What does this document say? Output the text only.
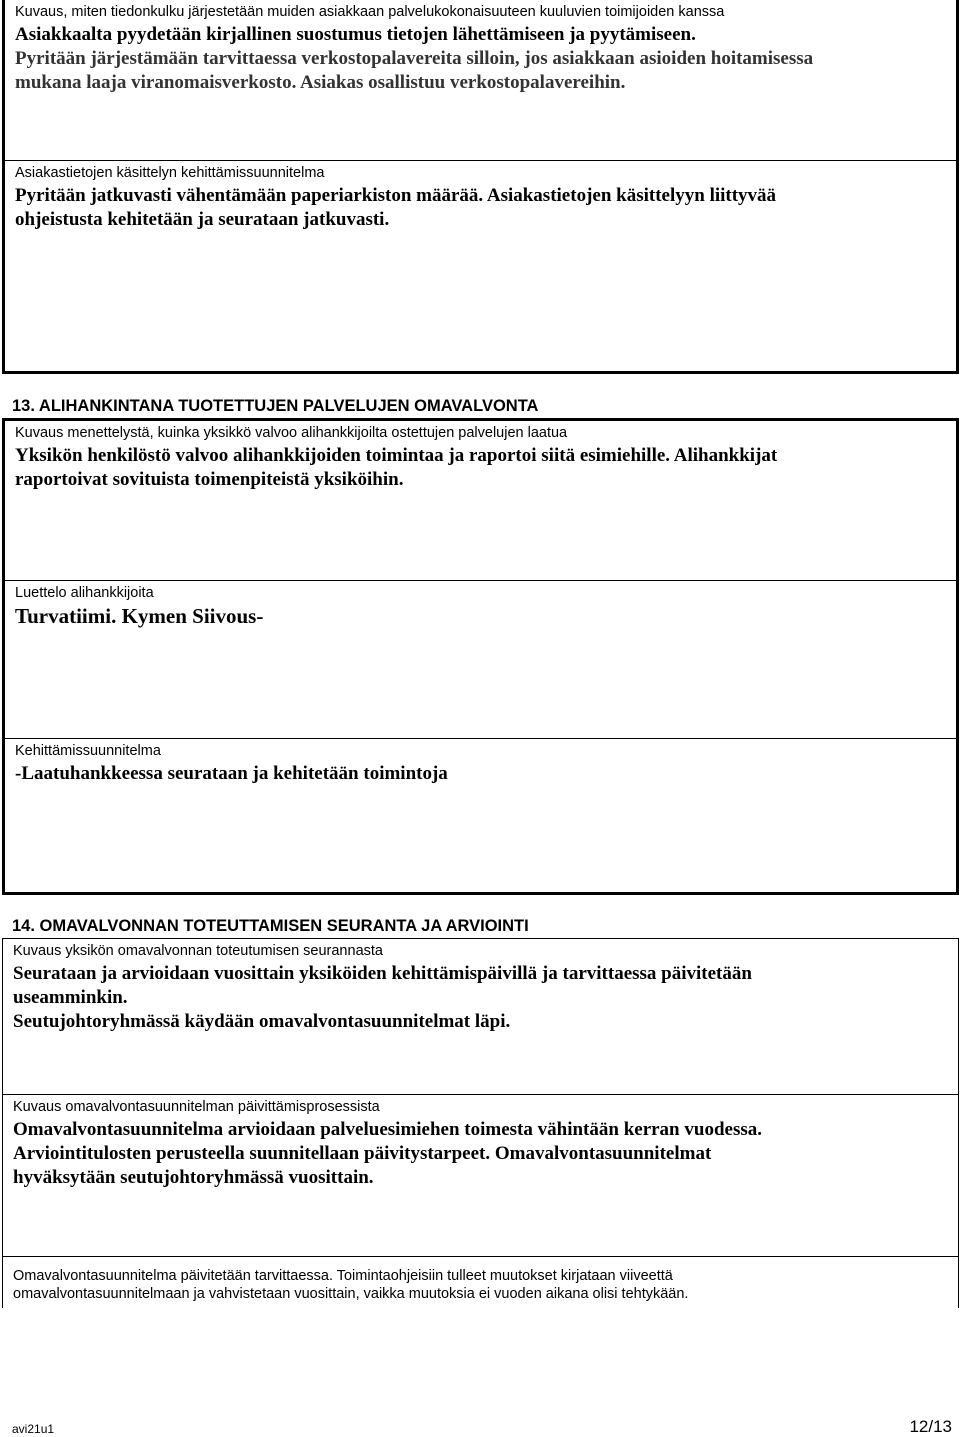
Kuvaus, miten tiedonkulku järjestetään muiden asiakkaan palvelukokonaisuuteen kuuluvien toimijoiden kanssa

Asiakkaalta pyydetään kirjallinen suostumus tietojen lähettämiseen ja pyytämiseen.
Pyritään järjestämään tarvittaessa verkostopalavereita silloin, jos asiakkaan asioiden hoitamisessa
mukana laaja viranomaisverkosto. Asiakas osallistuu verkostopalavereihin.

Asiakastietojen käsittelyn kehittämissuunnitelma

Pyritään jatkuvasti vähentämään paperiarkiston määrää. Asiakastietojen käsittelyyn liittyvää
ohjeistusta kehitetään ja seurataan jatkuvasti.

13. ALIHANKINTANA TUOTETTUJEN PALVELUJEN OMAVALVONTA

Kuvaus menettelystä, kuinka yksikkö valvoo alihankkijoilta ostettujen palvelujen laatua

Yksikön henkilöstö valvoo alihankkijoiden toimintaa ja raportoi siitä esimiehille. Alihankkijat
raportoivat sovituista toimenpiteistä yksiköihin.

Luettelo alihankkijoita

Turvatiimi. Kymen Siivous-

Kehittämissuunnitelma

-Laatuhankkeessa seurataan ja kehitetään toimintoja

14. OMAVALVONNAN TOTEUTTAMISEN SEURANTA JA ARVIOINTI

Kuvaus yksikön omavalvonnan toteutumisen seurannasta

Seurataan ja arvioidaan vuosittain yksiköiden kehittämispäivillä ja tarvittaessa päivitetään
useamminkin.
Seutujohtoryhmässä käydään omavalvontasuunnitelmat läpi.

Kuvaus omavalvontasuunnitelman päivittämisprosessista

Omavalvontasuunnitelma arvioidaan palveluesimiehen toimesta vähintään kerran vuodessa.
Arviointitulosten perusteella suunnitellaan päivitystarpeet. Omavalvontasuunnitelmat
hyväksytään seutujohtoryhmässä vuosittain.

Omavalvontasuunnitelma päivitetään tarvittaessa. Toimintaohjeisiin tulleet muutokset kirjataan viiveettä
omavalvontasuunnitelmaan ja vahvistetaan vuosittain, vaikka muutoksia ei vuoden aikana olisi tehtykään.

avi21u1	12/13
